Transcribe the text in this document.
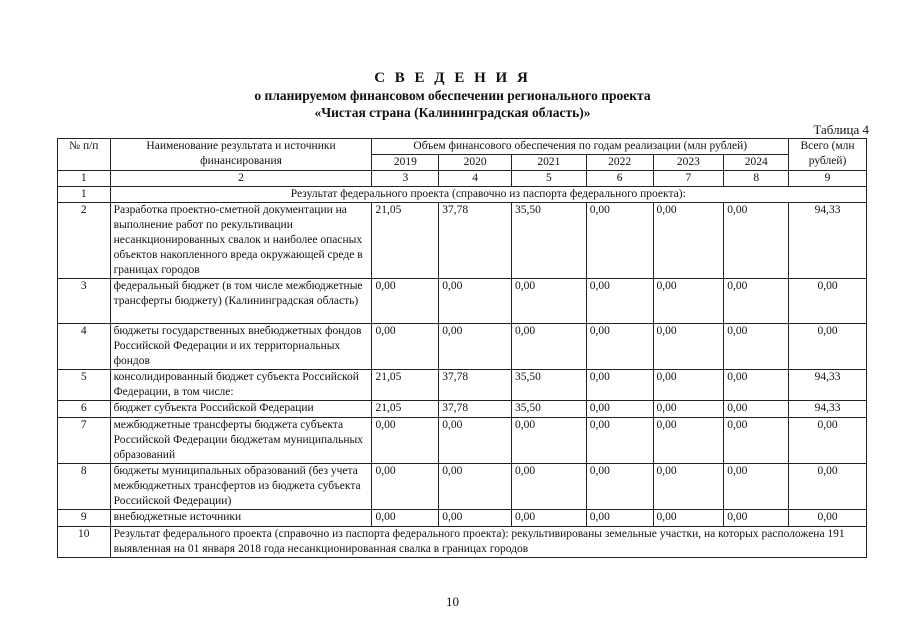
С В Е Д Е Н И Я
о планируемом финансовом обеспечении регионального проекта
«Чистая страна (Калининградская область)»
Таблица 4
№ п/п	Наименование результата и источники финансирования	Объем финансового обеспечения по годам реализации (млн рублей)						Всего (млн рублей)
		2019	2020	2021	2022	2023	2024	
1	2	3	4	5	6	7	8	9
1	Результат федерального проекта (справочно из паспорта федерального проекта):							
2	Разработка проектно-сметной документации на выполнение работ по рекультивации несанкционированных свалок и наиболее опасных объектов накопленного вреда окружающей среде в границах городов	21,05	37,78	35,50	0,00	0,00	0,00	94,33
3	федеральный бюджет (в том числе межбюджетные трансферты бюджету) (Калининградская область)	0,00	0,00	0,00	0,00	0,00	0,00	0,00
4	бюджеты государственных внебюджетных фондов Российской Федерации и их территориальных фондов	0,00	0,00	0,00	0,00	0,00	0,00	0,00
5	консолидированный бюджет субъекта Российской Федерации, в том числе:	21,05	37,78	35,50	0,00	0,00	0,00	94,33
6	бюджет субъекта Российской Федерации	21,05	37,78	35,50	0,00	0,00	0,00	94,33
7	межбюджетные трансферты бюджета субъекта Российской Федерации бюджетам муниципальных образований	0,00	0,00	0,00	0,00	0,00	0,00	0,00
8	бюджеты муниципальных образований (без учета межбюджетных трансфертов из бюджета субъекта Российской Федерации)	0,00	0,00	0,00	0,00	0,00	0,00	0,00
9	внебюджетные источники	0,00	0,00	0,00	0,00	0,00	0,00	0,00
10	Результат федерального проекта (справочно из паспорта федерального проекта): рекультивированы земельные участки, на которых расположена 191 выявленная на 01 января 2018 года несанкционированная свалка в границах городов							
10
